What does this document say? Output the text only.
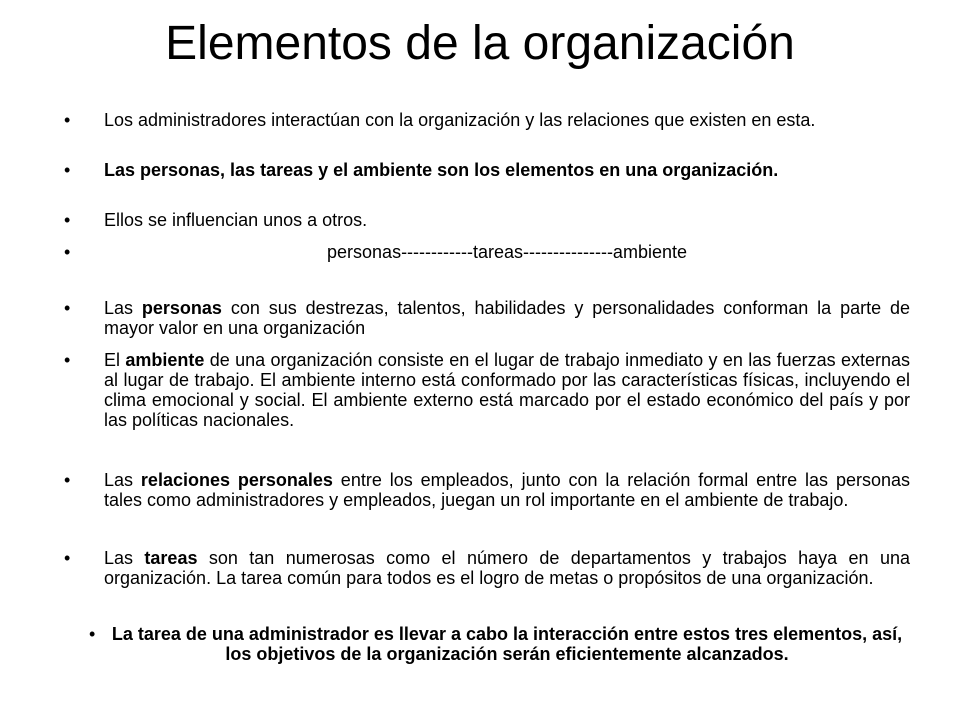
Elementos de la organización
• Los administradores interactúan con la organización y las relaciones que existen en esta.

• Las personas, las tareas y el ambiente son los elementos en una organización.

• Ellos se influencian unos a otros.

•	personas------------tareas---------------ambiente

• Las personas con sus destrezas, talentos, habilidades y personalidades conforman la parte de mayor valor en una organización

• El ambiente de una organización consiste en el lugar de trabajo inmediato y en las fuerzas externas al lugar de trabajo. El ambiente interno está conformado por las características físicas, incluyendo el clima emocional y social. El ambiente externo está marcado por el estado económico del país y por las políticas nacionales.

• Las relaciones personales entre los empleados, junto con la relación formal entre las personas tales como administradores y empleados, juegan un rol importante en el ambiente de trabajo.

• Las tareas son tan numerosas como el número de departamentos y trabajos haya en una organización. La tarea común para todos es el logro de metas o propósitos de una organización.

• La tarea de una administrador es llevar a cabo la interacción entre estos tres elementos, así, los objetivos de la organización serán eficientemente alcanzados.
